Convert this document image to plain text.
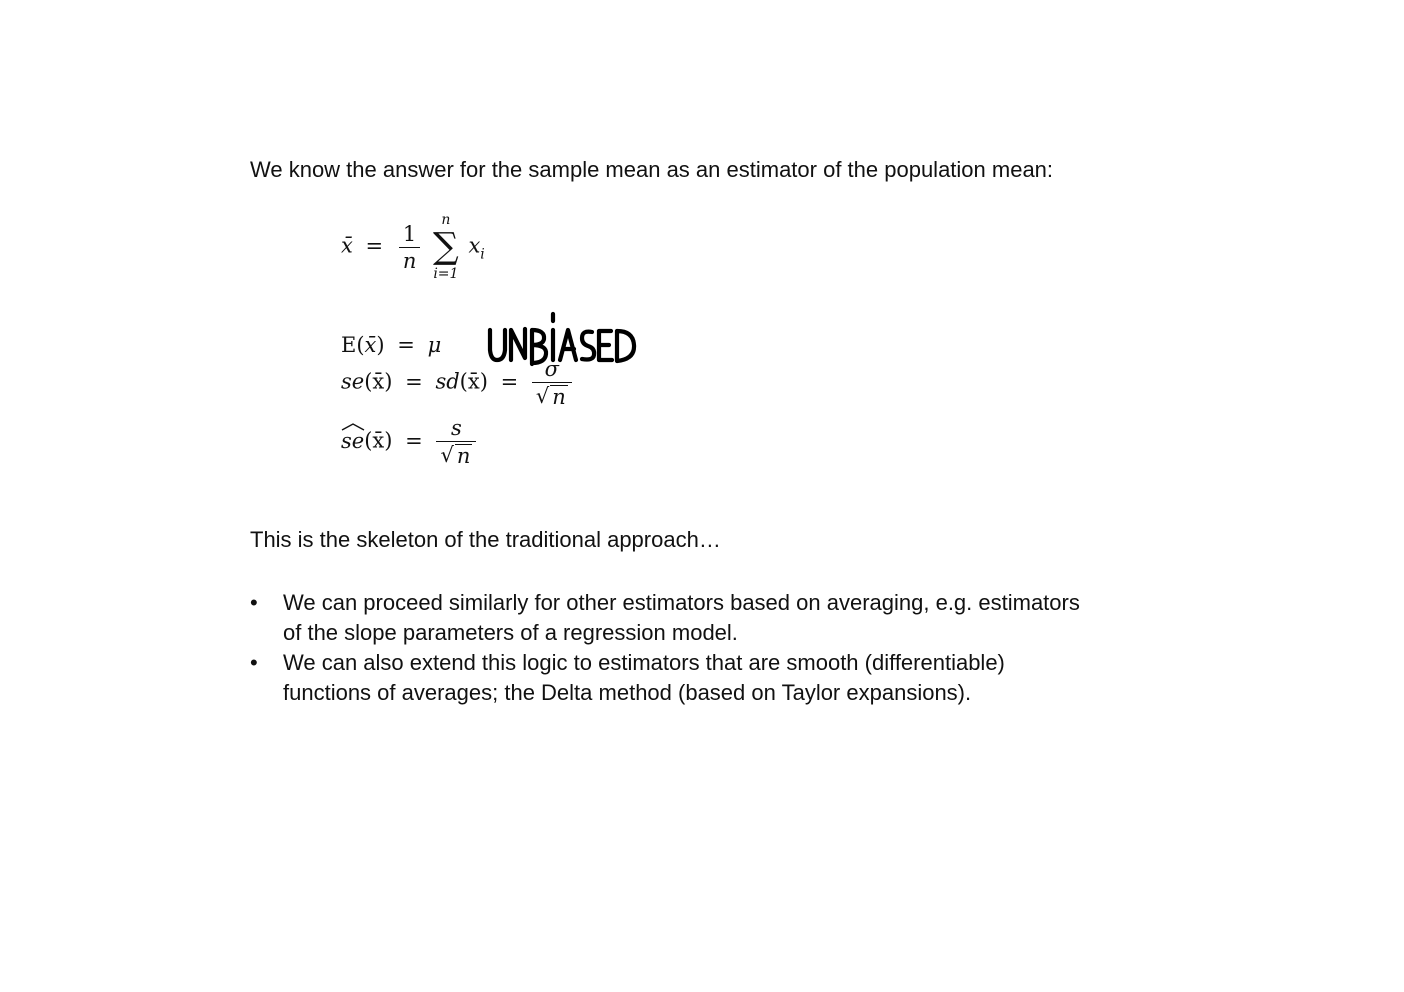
We know the answer for the sample mean as an estimator of the population mean:
x̄ = $\frac{1}{n}$

n
∑
i=1
$x_i$
E(x̄) = μ
se(x̄) = sd(x̄) = $\frac{\sigma}{√ n}$
se(x̄) = $\frac{s}{√ n}$
This is the skeleton of the traditional approach…
• We can proceed similarly for other estimators based on averaging, e.g. estimators
of the slope parameters of a regression model.
• We can also extend this logic to estimators that are smooth (differentiable)
functions of averages; the Delta method (based on Taylor expansions).
